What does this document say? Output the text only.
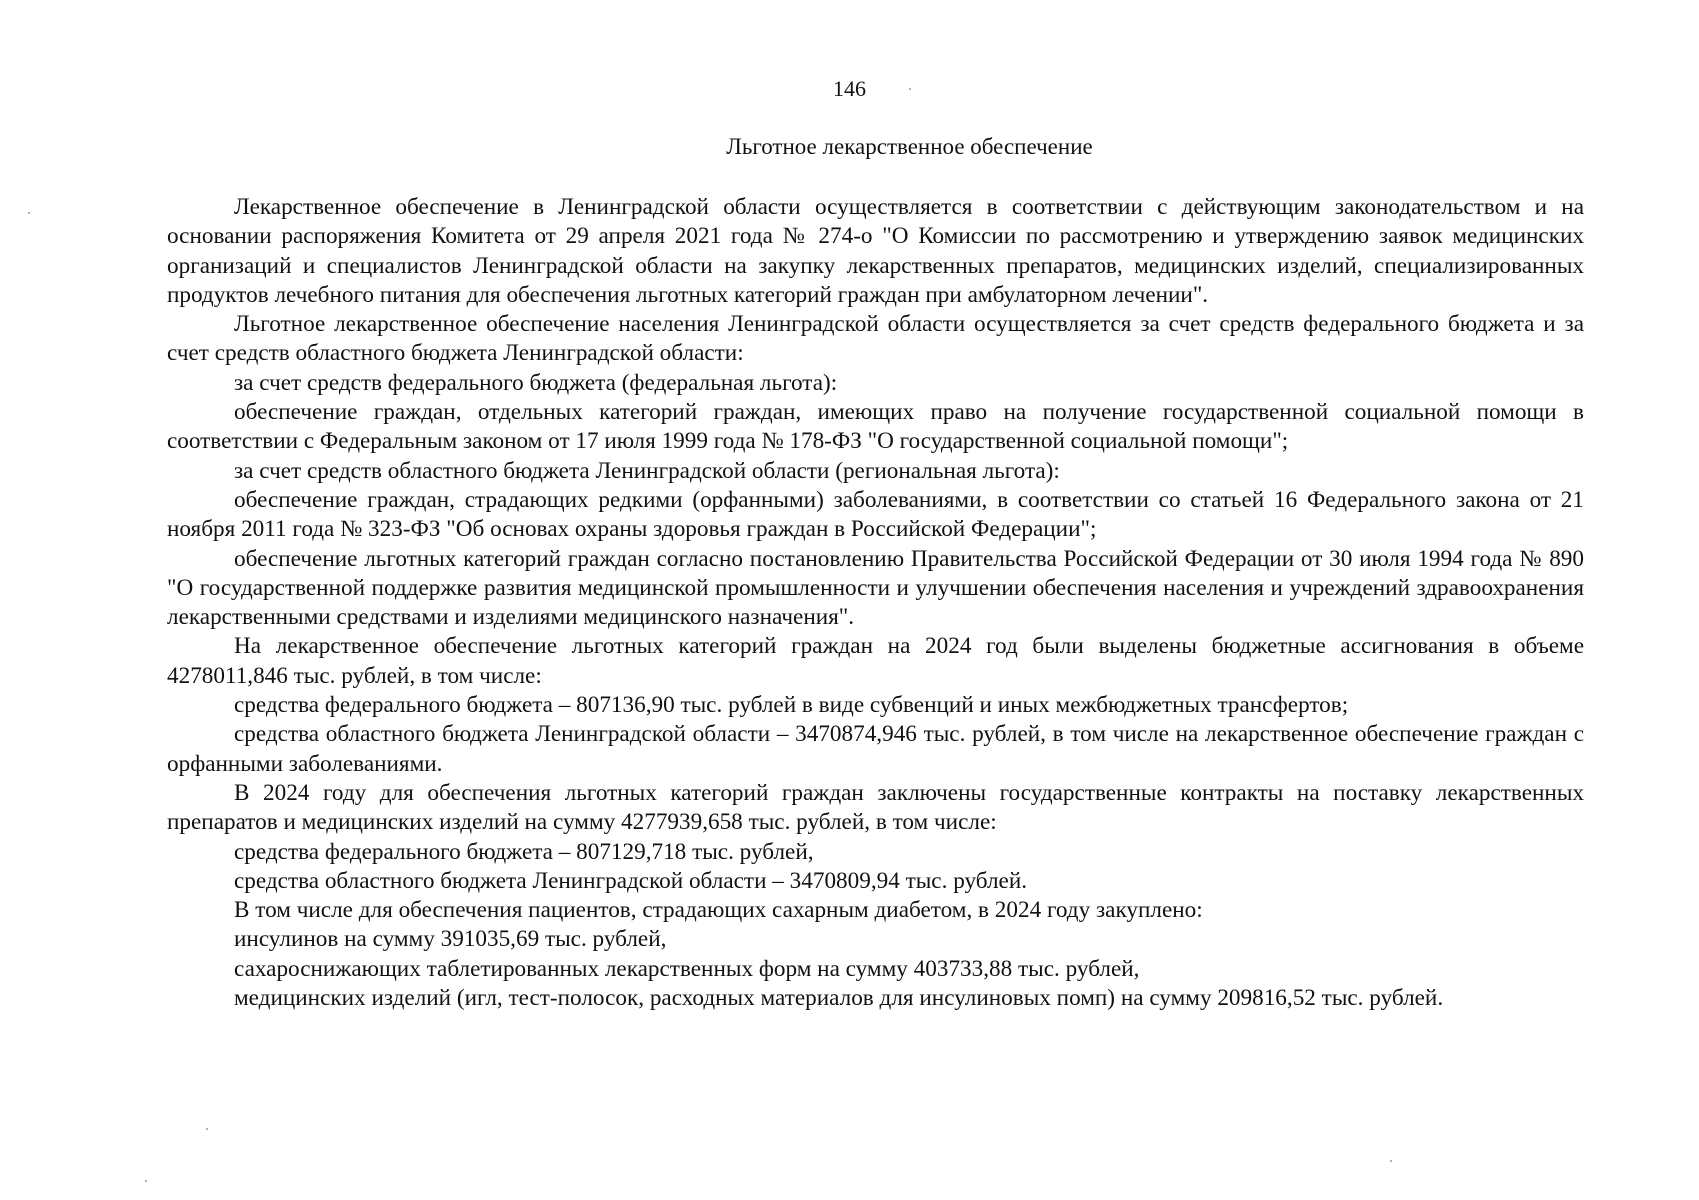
146
Льготное лекарственное обеспечение

Лекарственное обеспечение в Ленинградской области осуществляется в соответствии с действующим законодательством и на основании распоряжения Комитета от 29 апреля 2021 года № 274-о "О Комиссии по рассмотрению и утверждению заявок медицинских организаций и специалистов Ленинградской области на закупку лекарственных препаратов, медицинских изделий, специализированных продуктов лечебного питания для обеспечения льготных категорий граждан при амбулаторном лечении".

Льготное лекарственное обеспечение населения Ленинградской области осуществляется за счет средств федерального бюджета и за счет средств областного бюджета Ленинградской области:

за счет средств федерального бюджета (федеральная льгота):

обеспечение граждан, отдельных категорий граждан, имеющих право на получение государственной социальной помощи в соответствии с Федеральным законом от 17 июля 1999 года № 178-ФЗ "О государственной социальной помощи";

за счет средств областного бюджета Ленинградской области (региональная льгота):

обеспечение граждан, страдающих редкими (орфанными) заболеваниями, в соответствии со статьей 16 Федерального закона от 21 ноября 2011 года № 323-ФЗ "Об основах охраны здоровья граждан в Российской Федерации";

обеспечение льготных категорий граждан согласно постановлению Правительства Российской Федерации от 30 июля 1994 года № 890 "О государственной поддержке развития медицинской промышленности и улучшении обеспечения населения и учреждений здравоохранения лекарственными средствами и изделиями медицинского назначения".

На лекарственное обеспечение льготных категорий граждан на 2024 год были выделены бюджетные ассигнования в объеме 4278011,846 тыс. рублей, в том числе:

средства федерального бюджета – 807136,90 тыс. рублей в виде субвенций и иных межбюджетных трансфертов;

средства областного бюджета Ленинградской области – 3470874,946 тыс. рублей, в том числе на лекарственное обеспечение граждан с орфанными заболеваниями.

В 2024 году для обеспечения льготных категорий граждан заключены государственные контракты на поставку лекарственных препаратов и медицинских изделий на сумму 4277939,658 тыс. рублей, в том числе:

средства федерального бюджета – 807129,718 тыс. рублей,

средства областного бюджета Ленинградской области – 3470809,94 тыс. рублей.

В том числе для обеспечения пациентов, страдающих сахарным диабетом, в 2024 году закуплено:

инсулинов на сумму 391035,69 тыс. рублей,

сахароснижающих таблетированных лекарственных форм на сумму 403733,88 тыс. рублей,

медицинских изделий (игл, тест-полосок, расходных материалов для инсулиновых помп) на сумму 209816,52 тыс. рублей.
